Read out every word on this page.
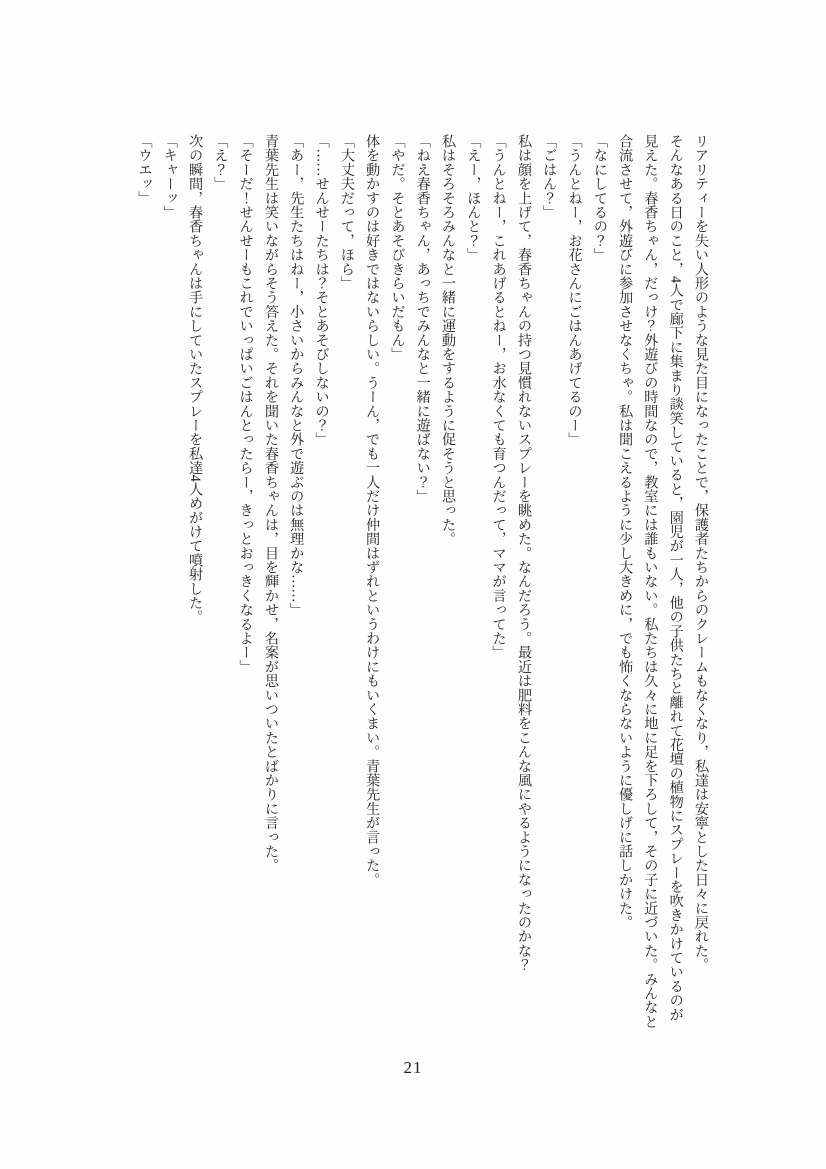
リアリティーを失い人形のような見た目になったことで，保護者たちからのクレームもなくなり，私達は安寧とした日々に戻れた。

そんなある日のこと，4人で廊下に集まり談笑していると，園児が一人，他の子供たちと離れて花壇の植物にスプレーを吹きかけているのが見えた。春香ちゃん，だっけ？外遊びの時間なので，教室には誰もいない。私たちは久々に地に足を下ろして，その子に近づいた。みんなと合流させて，外遊びに参加させなくちゃ。私は聞こえるように少し大きめに，でも怖くならないように優しげに話しかけた。

「なにしてるの？」

「うんとねー，お花さんにごはんあげてるのー」

「ごはん？」

私は顔を上げて，春香ちゃんの持つ見慣れないスプレーを眺めた。なんだろう。最近は肥料をこんな風にやるようになったのかな？

「うんとねー，これあげるとねー，お水なくても育つんだって，ママが言ってた」

「えー，ほんと？」

私はそろそろみんなと一緒に運動をするように促そうと思った。

「ねえ春香ちゃん，あっちでみんなと一緒に遊ばない？」

「やだ。そとあそびきらいだもん」

体を動かすのは好きではないらしい。うーん，でも一人だけ仲間はずれというわけにもいくまい。青葉先生が言った。

「大丈夫だって，ほら」

「……せんせーたちは？そとあそびしないの？」

「あー，先生たちはねー，小さいからみんなと外で遊ぶのは無理かな……」

青葉先生は笑いながらそう答えた。それを聞いた春香ちゃんは，目を輝かせ，名案が思いついたとばかりに言った。

「そーだ！せんせーもこれでいっぱいごはんとったらー，きっとおっきくなるよー」

「え？」

次の瞬間，春香ちゃんは手にしていたスプレーを私達4人めがけて噴射した。

「キャーッ」

「ウエッ」

21
